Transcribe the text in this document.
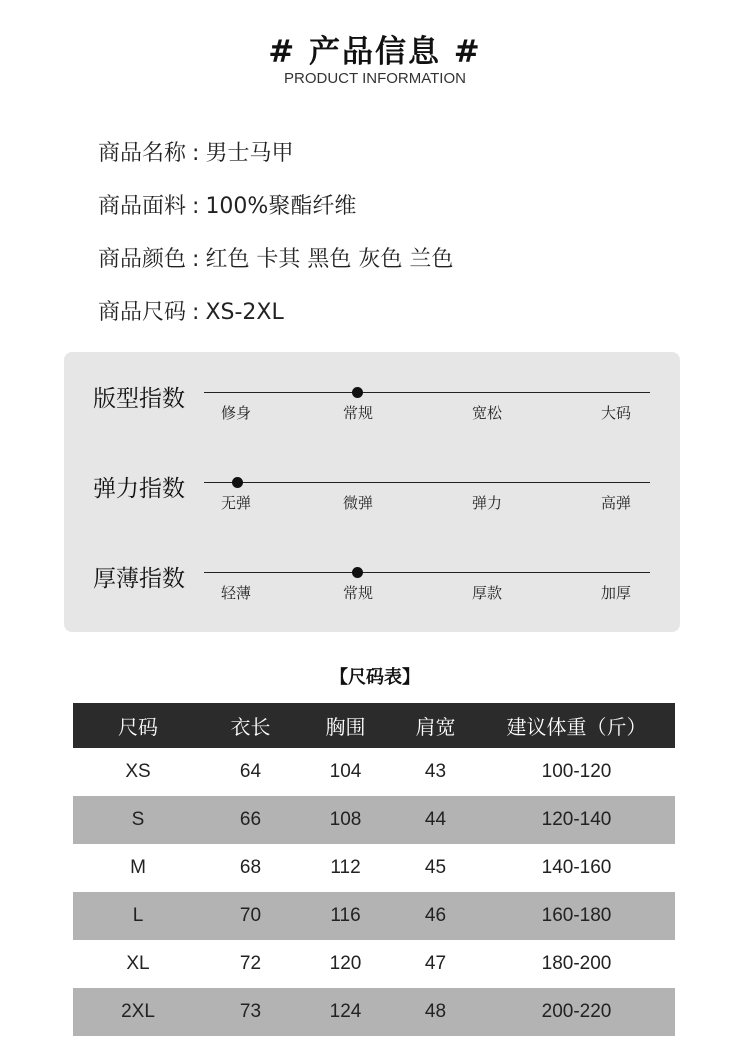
# 产品信息 #
PRODUCT INFORMATION
商品名称 : 男士马甲
商品面料 : 100%聚酯纤维
商品颜色 : 红色 卡其 黑色 灰色 兰色
商品尺码 : XS-2XL
版型指数
修身	常规	宽松	大码
弹力指数
无弹	微弹	弹力	高弹
厚薄指数
轻薄	常规	厚款	加厚
【尺码表】
尺码	衣长	胸围	肩宽	建议体重（斤）
XS	64	104	43	100-120
S	66	108	44	120-140
M	68	112	45	140-160
L	70	116	46	160-180
XL	72	120	47	180-200
2XL	73	124	48	200-220
